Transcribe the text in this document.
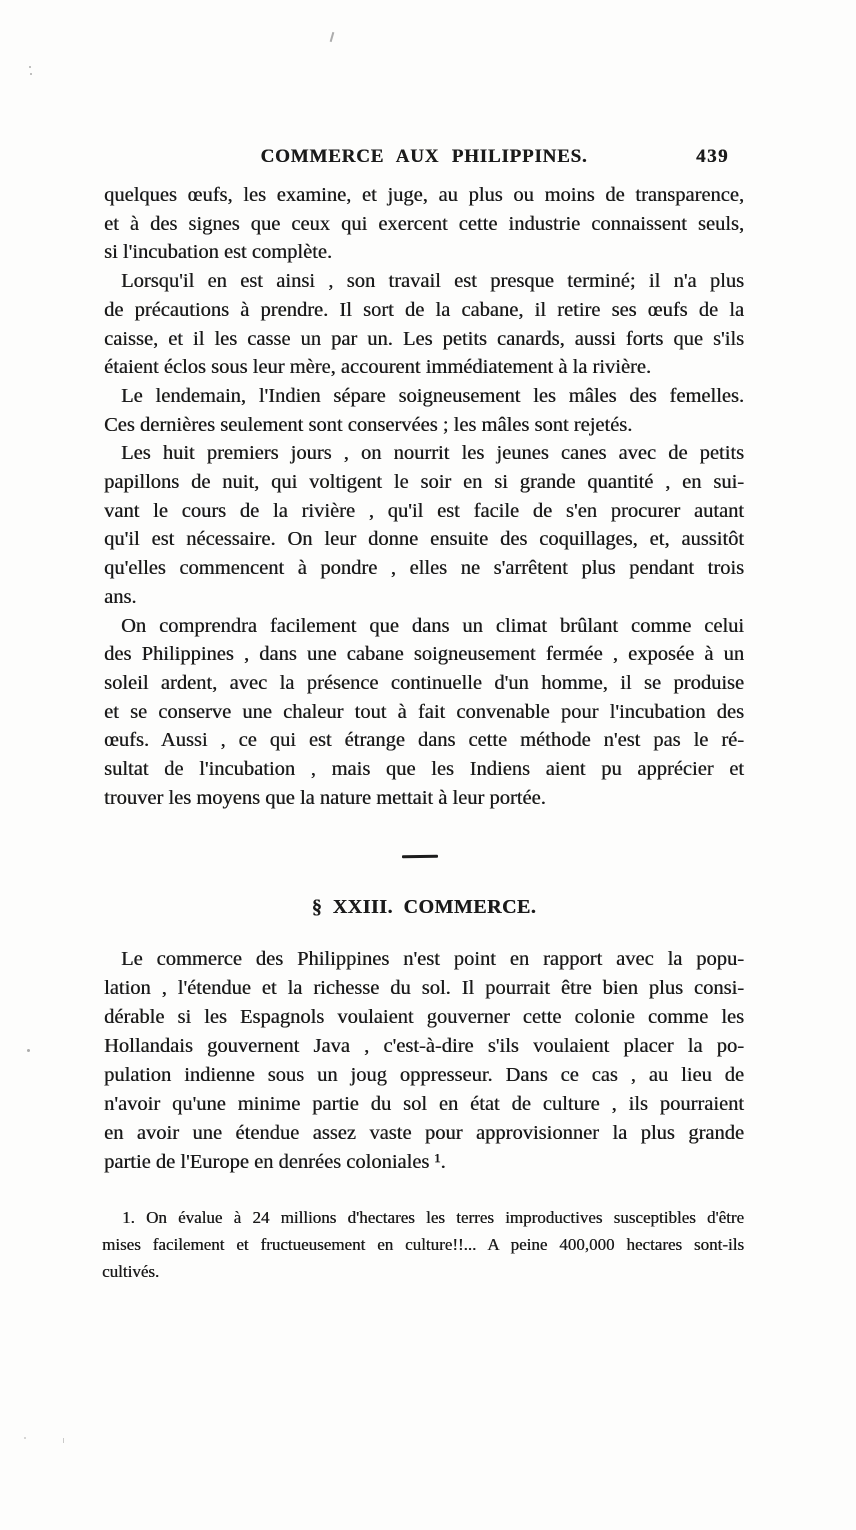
COMMERCE AUX PHILIPPINES.	439
quelques œufs, les examine, et juge, au plus ou moins de transparence,
et à des signes que ceux qui exercent cette industrie connaissent seuls,
si l'incubation est complète.
Lorsqu'il en est ainsi , son travail est presque terminé; il n'a plus
de précautions à prendre. Il sort de la cabane, il retire ses œufs de la
caisse, et il les casse un par un. Les petits canards, aussi forts que s'ils
étaient éclos sous leur mère, accourent immédiatement à la rivière.
Le lendemain, l'Indien sépare soigneusement les mâles des femelles.
Ces dernières seulement sont conservées ; les mâles sont rejetés.
Les huit premiers jours , on nourrit les jeunes canes avec de petits
papillons de nuit, qui voltigent le soir en si grande quantité , en sui-
vant le cours de la rivière , qu'il est facile de s'en procurer autant
qu'il est nécessaire. On leur donne ensuite des coquillages, et, aussitôt
qu'elles commencent à pondre , elles ne s'arrêtent plus pendant trois
ans.
On comprendra facilement que dans un climat brûlant comme celui
des Philippines , dans une cabane soigneusement fermée , exposée à un
soleil ardent, avec la présence continuelle d'un homme, il se produise
et se conserve une chaleur tout à fait convenable pour l'incubation des
œufs. Aussi , ce qui est étrange dans cette méthode n'est pas le ré-
sultat de l'incubation , mais que les Indiens aient pu apprécier et
trouver les moyens que la nature mettait à leur portée.
§ XXIII. COMMERCE.
Le commerce des Philippines n'est point en rapport avec la popu-
lation , l'étendue et la richesse du sol. Il pourrait être bien plus consi-
dérable si les Espagnols voulaient gouverner cette colonie comme les
Hollandais gouvernent Java , c'est-à-dire s'ils voulaient placer la po-
pulation indienne sous un joug oppresseur. Dans ce cas , au lieu de
n'avoir qu'une minime partie du sol en état de culture , ils pourraient
en avoir une étendue assez vaste pour approvisionner la plus grande
partie de l'Europe en denrées coloniales ¹.
1. On évalue à 24 millions d'hectares les terres improductives susceptibles d'être
mises facilement et fructueusement en culture!!... A peine 400,000 hectares sont-ils
cultivés.
